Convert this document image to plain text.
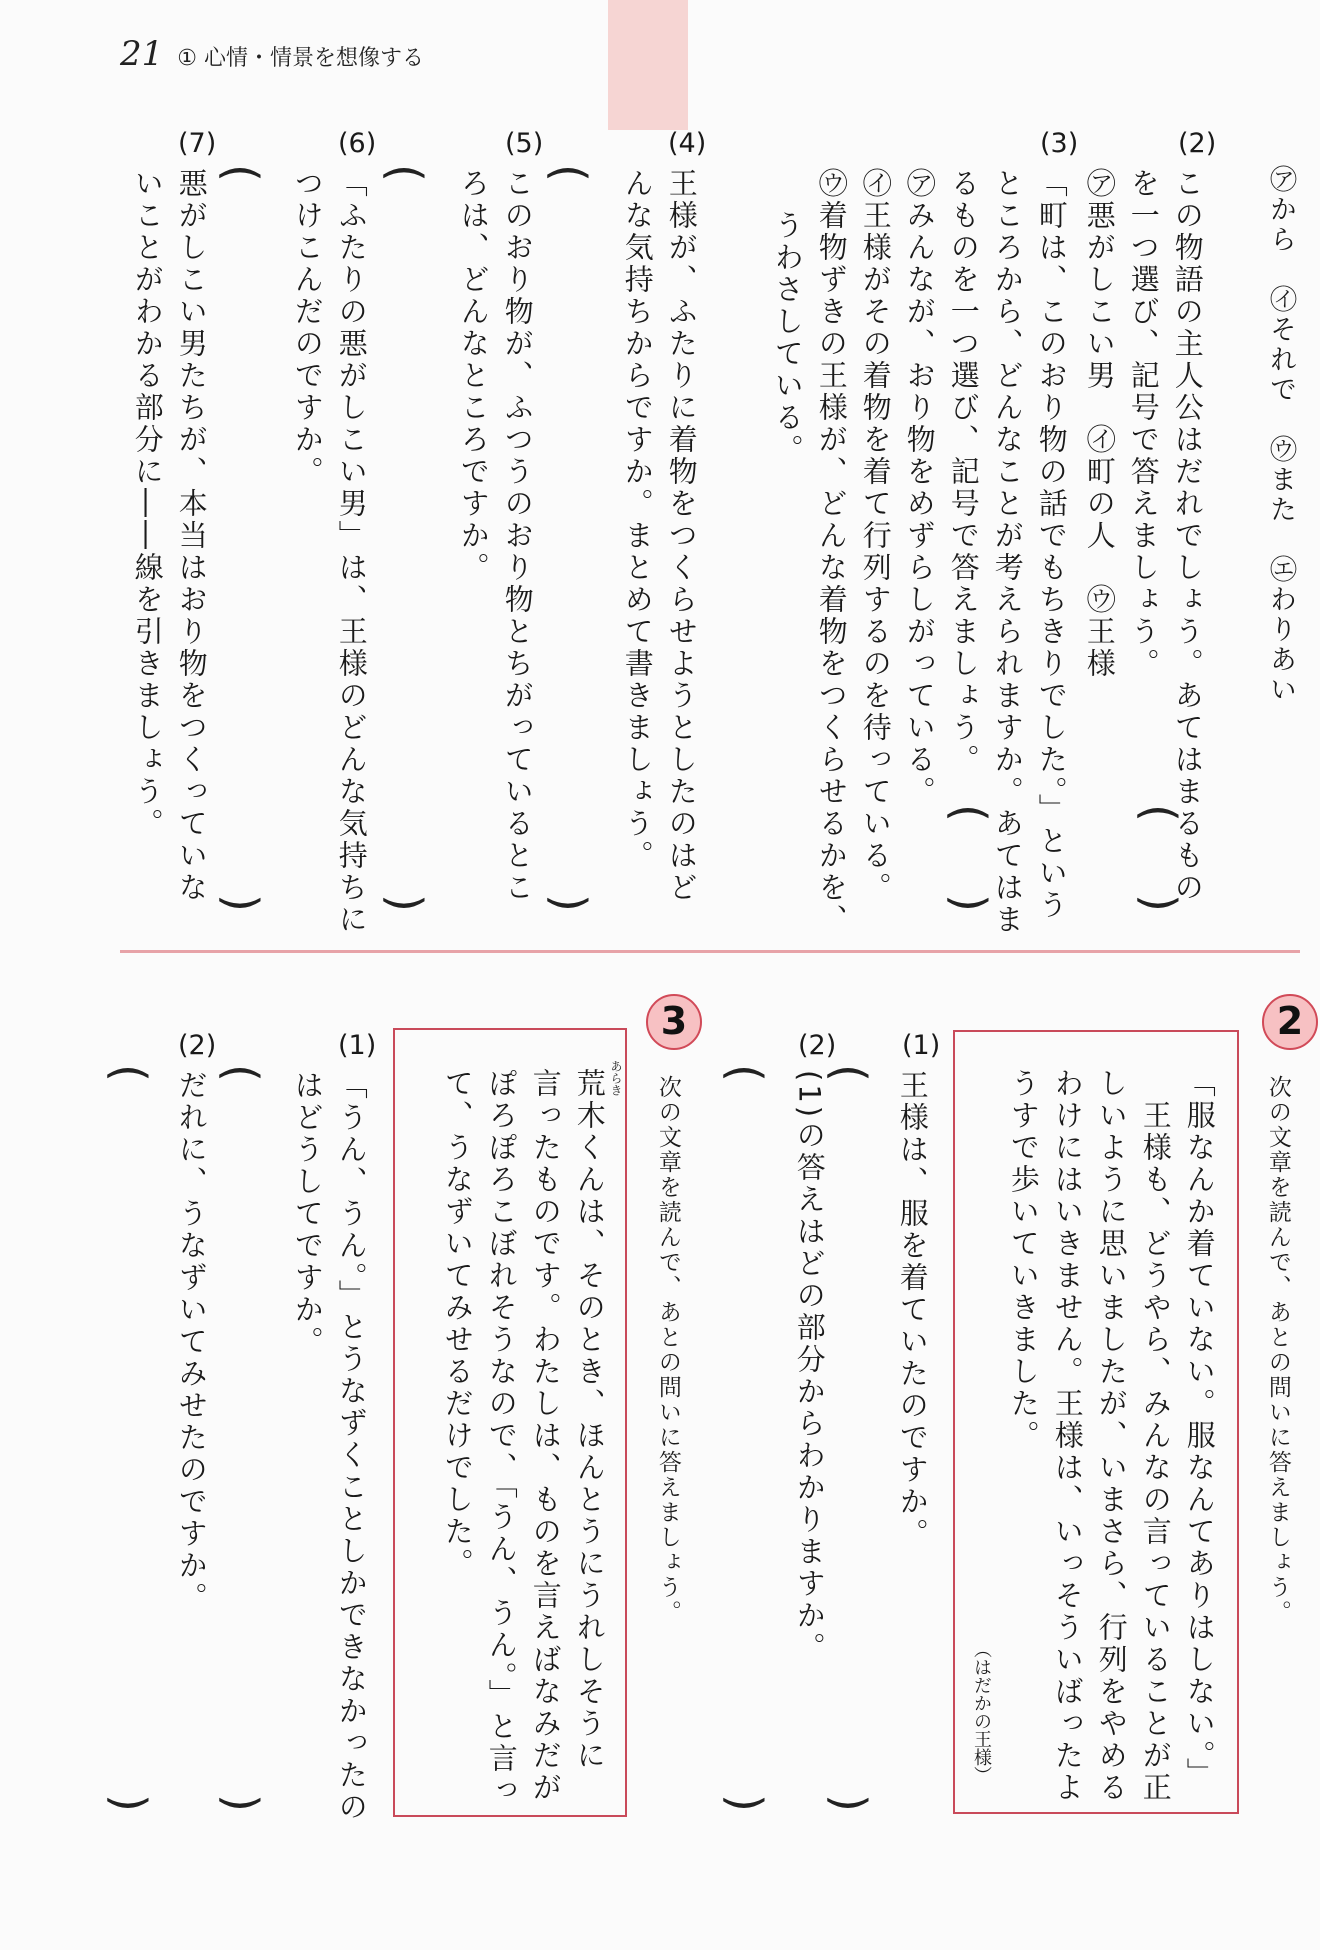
21 ① 心情・情景を想像する
㋐から　㋑それで　㋒また　㋓わりあい
(2)
この物語の主人公はだれでしょう。あてはまるもの
を一つ選び、記号で答えましょう。
㋐悪がしこい男　㋑町の人　㋒王様
(
)
(3)
「町は、このおり物の話でもちきりでした。」という
ところから、どんなことが考えられますか。あてはま
るものを一つ選び、記号で答えましょう。
㋐みんなが、おり物をめずらしがっている。
㋑王様がその着物を着て行列するのを待っている。
㋒着物ずきの王様が、どんな着物をつくらせるかを、
うわさしている。
(
)
(4)
王様が、ふたりに着物をつくらせようとしたのはど
んな気持ちからですか。まとめて書きましょう。
(
)
(5)
このおり物が、ふつうのおり物とちがっているとこ
ろは、どんなところですか。
(
)
(6)
「ふたりの悪がしこい男」は、王様のどんな気持ちに
つけこんだのですか。
(
)
(7)
悪がしこい男たちが、本当はおり物をつくっていな
いことがわかる部分に――線を引きましょう。
2
次の文章を読んで、あとの問いに答えましょう。
「服なんか着ていない。服なんてありはしない。」
王様も、どうやら、みんなの言っていることが正
しいように思いましたが、いまさら、行列をやめる
わけにはいきません。王様は、いっそういばったよ
うすで歩いていきました。
（はだかの王様）
(1)
王様は、服を着ていたのですか。
(
)
(2)
(1)の答えはどの部分からわかりますか。
(
)
3
次の文章を読んで、あとの問いに答えましょう。
あらき
荒木くんは、そのとき、ほんとうにうれしそうに
言ったものです。わたしは、ものを言えばなみだが
ぽろぽろこぼれそうなので、「うん、うん。」と言っ
て、うなずいてみせるだけでした。
(1)
「うん、うん。」とうなずくことしかできなかったの
はどうしてですか。
(
)
(2)
だれに、うなずいてみせたのですか。
(
)
